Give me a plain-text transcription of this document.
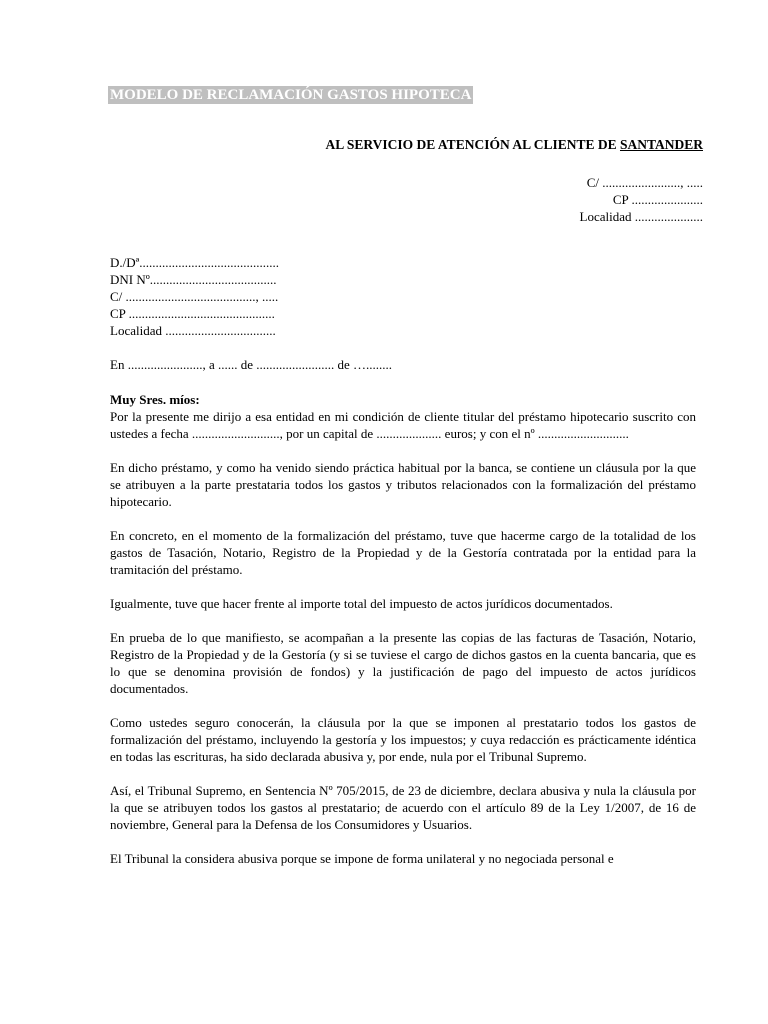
MODELO DE RECLAMACIÓN GASTOS HIPOTECA
AL SERVICIO DE ATENCIÓN AL CLIENTE DE SANTANDER
C/ ........................, .....
CP ......................
Localidad .....................
D./Dª...........................................
DNI Nº.......................................
C/ ........................................, .....
CP .............................................
Localidad ..................................
En ......................., a ...... de ........................ de …........
Muy Sres. míos:

Por la presente me dirijo a esa entidad en mi condición de cliente titular del préstamo hipotecario suscrito con ustedes a fecha ..........................., por un capital de .................... euros; y con el nº ............................

En dicho préstamo, y como ha venido siendo práctica habitual por la banca, se contiene un cláusula por la que se atribuyen a la parte prestataria todos los gastos y tributos relacionados con la formalización del préstamo hipotecario.

En concreto, en el momento de la formalización del préstamo, tuve que hacerme cargo de la totalidad de los gastos de Tasación, Notario, Registro de la Propiedad y de la Gestoría contratada por la entidad para la tramitación del préstamo.

Igualmente, tuve que hacer frente al importe total del impuesto de actos jurídicos documentados.

En prueba de lo que manifiesto, se acompañan a la presente las copias de las facturas de Tasación, Notario, Registro de la Propiedad y de la Gestoría (y si se tuviese el cargo de dichos gastos en la cuenta bancaria, que es lo que se denomina provisión de fondos) y la justificación de pago del impuesto de actos jurídicos documentados.

Como ustedes seguro conocerán, la cláusula por la que se imponen al prestatario todos los gastos de formalización del préstamo, incluyendo la gestoría y los impuestos; y cuya redacción es prácticamente idéntica en todas las escrituras, ha sido declarada abusiva y, por ende, nula por el Tribunal Supremo.

Así, el Tribunal Supremo, en Sentencia Nº 705/2015, de 23 de diciembre, declara abusiva y nula la cláusula por la que se atribuyen todos los gastos al prestatario; de acuerdo con el artículo 89 de la Ley 1/2007, de 16 de noviembre, General para la Defensa de los Consumidores y Usuarios.

El Tribunal la considera abusiva porque se impone de forma unilateral y no negociada personal e
